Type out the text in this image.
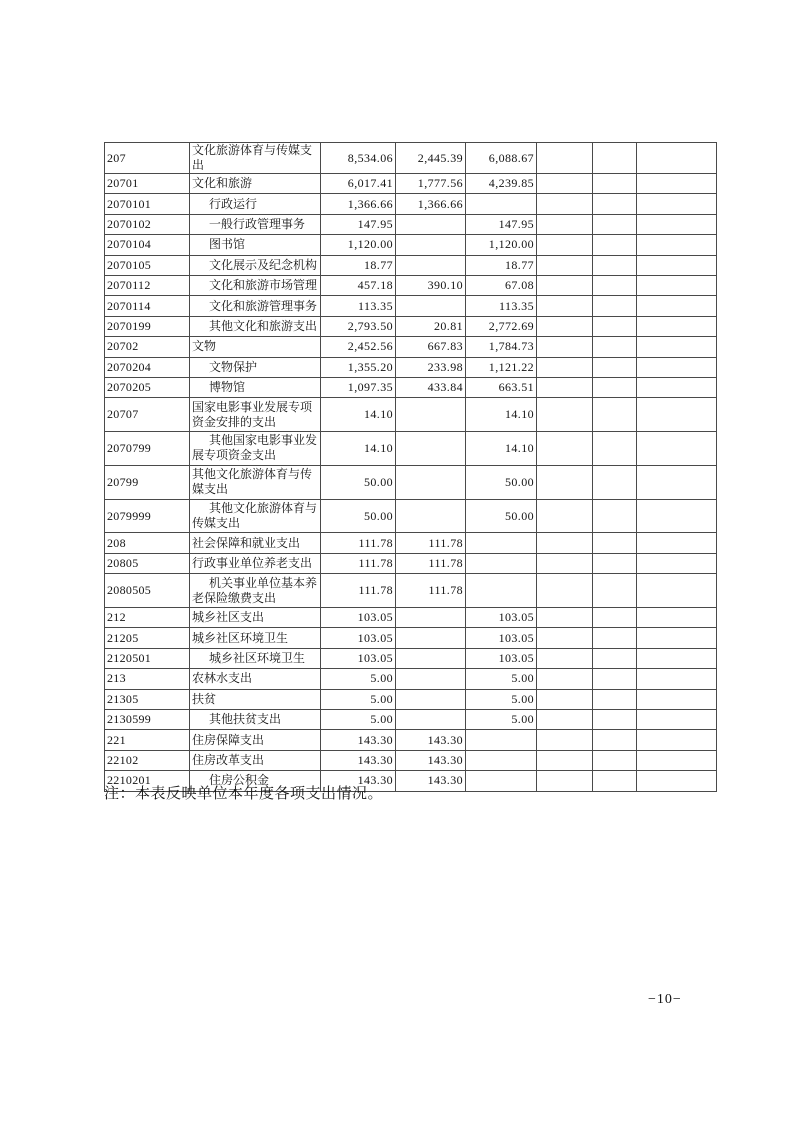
207	文化旅游体育与传媒支出	8,534.06	2,445.39	6,088.67			
20701	文化和旅游	6,017.41	1,777.56	4,239.85			
2070101	行政运行	1,366.66	1,366.66				
2070102	一般行政管理事务	147.95		147.95			
2070104	图书馆	1,120.00		1,120.00			
2070105	文化展示及纪念机构	18.77		18.77			
2070112	文化和旅游市场管理	457.18	390.10	67.08			
2070114	文化和旅游管理事务	113.35		113.35			
2070199	其他文化和旅游支出	2,793.50	20.81	2,772.69			
20702	文物	2,452.56	667.83	1,784.73			
2070204	文物保护	1,355.20	233.98	1,121.22			
2070205	博物馆	1,097.35	433.84	663.51			
20707	国家电影事业发展专项资金安排的支出	14.10		14.10			
2070799	其他国家电影事业发展专项资金支出	14.10		14.10			
20799	其他文化旅游体育与传媒支出	50.00		50.00			
2079999	其他文化旅游体育与传媒支出	50.00		50.00			
208	社会保障和就业支出	111.78	111.78				
20805	行政事业单位养老支出	111.78	111.78				
2080505	机关事业单位基本养老保险缴费支出	111.78	111.78				
212	城乡社区支出	103.05		103.05			
21205	城乡社区环境卫生	103.05		103.05			
2120501	城乡社区环境卫生	103.05		103.05			
213	农林水支出	5.00		5.00			
21305	扶贫	5.00		5.00			
2130599	其他扶贫支出	5.00		5.00			
221	住房保障支出	143.30	143.30				
22102	住房改革支出	143.30	143.30				
2210201	住房公积金	143.30	143.30				
注：本表反映单位本年度各项支出情况。
−10−
